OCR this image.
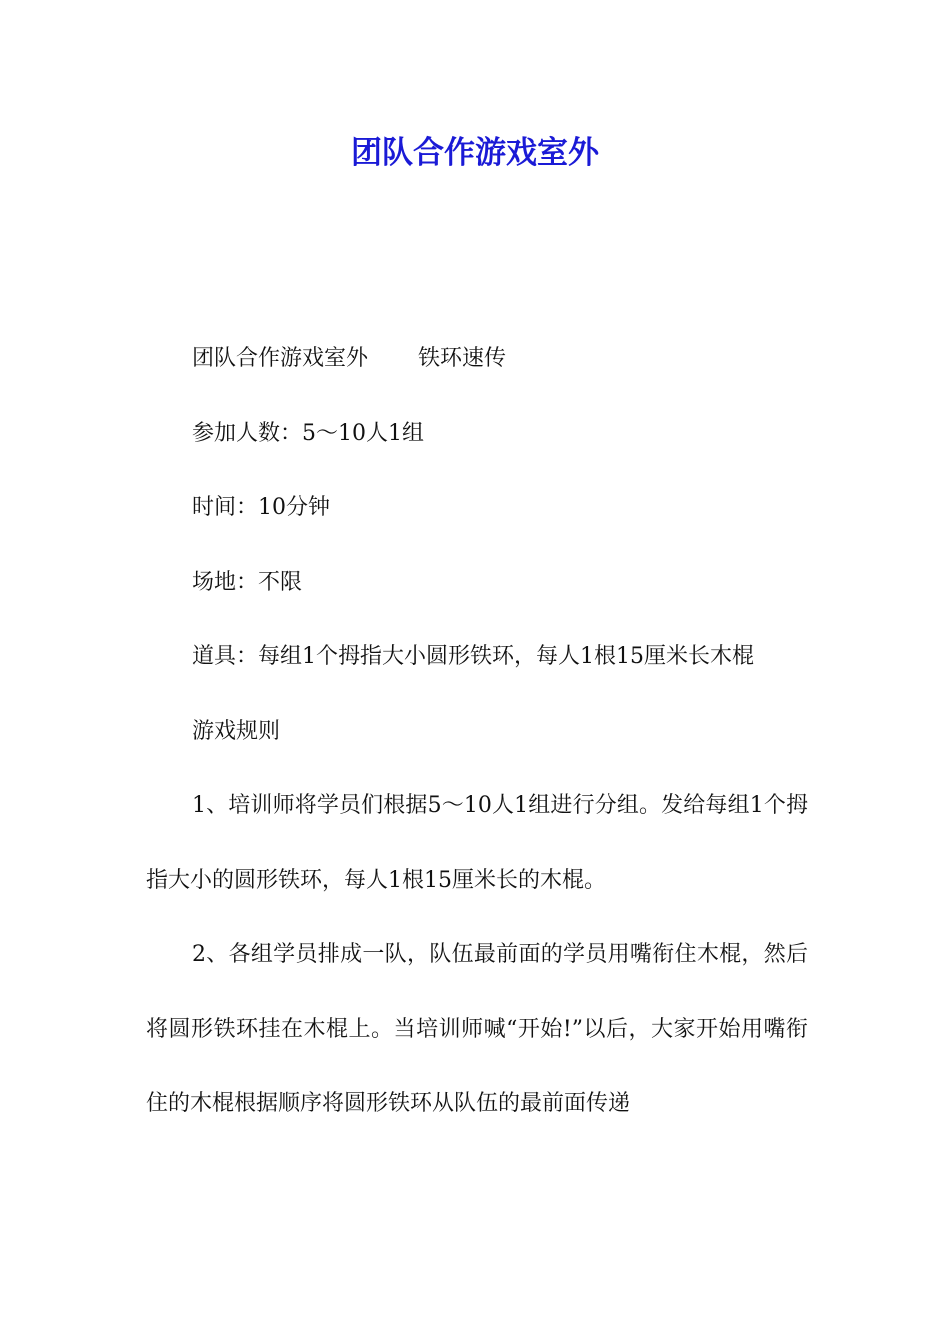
团队合作游戏室外

团队合作游戏室外 铁环速传

参加人数：5～10人1组

时间：10分钟

场地：不限

道具：每组1个拇指大小圆形铁环，每人1根15厘米长木棍

游戏规则

1、培训师将学员们根据5～10人1组进行分组。发给每组1个拇指大小的圆形铁环，每人1根15厘米长的木棍。

2、各组学员排成一队，队伍最前面的学员用嘴衔住木棍，然后将圆形铁环挂在木棍上。当培训师喊“开始!”以后，大家开始用嘴衔住的木棍根据顺序将圆形铁环从队伍的最前面传递
